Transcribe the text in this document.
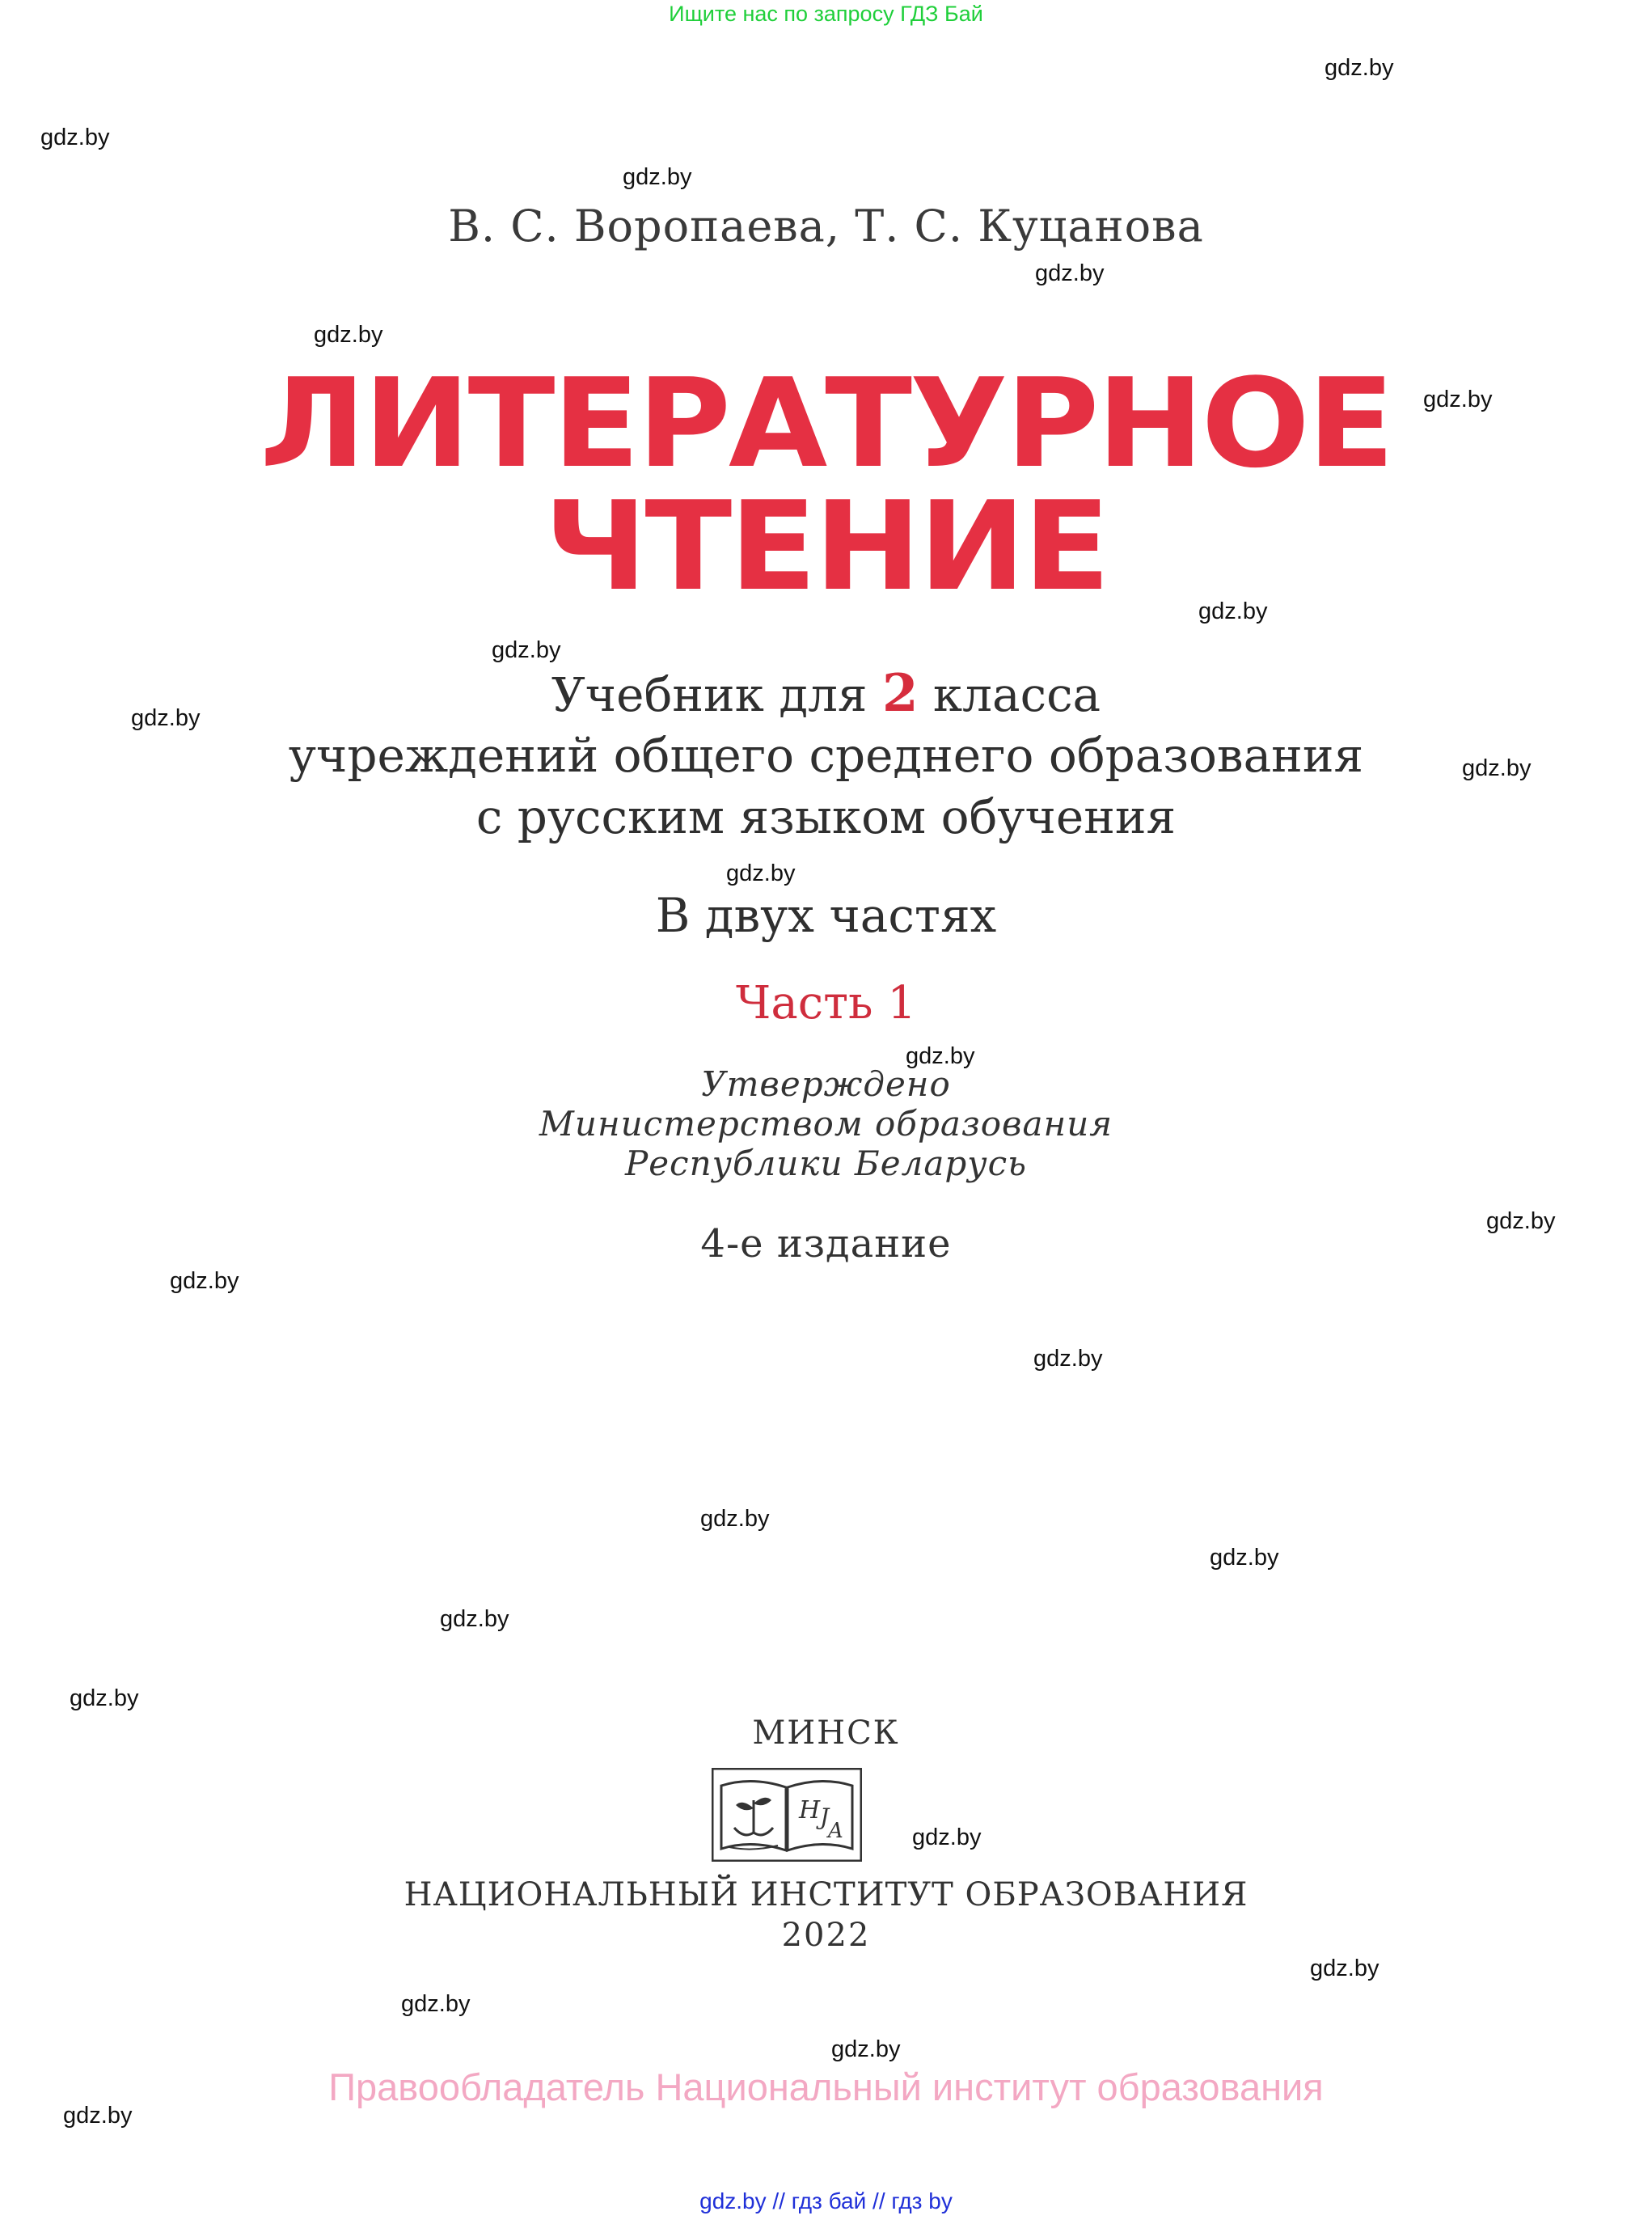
Ищите нас по запросу ГДЗ Бай
gdz.by
gdz.by
gdz.by
gdz.by
gdz.by
gdz.by
gdz.by
gdz.by
gdz.by
gdz.by
gdz.by
gdz.by
gdz.by
gdz.by
gdz.by
gdz.by
gdz.by
gdz.by
gdz.by
gdz.by
gdz.by
gdz.by
gdz.by
gdz.by
В. С. Воропаева, Т. С. Куцанова
ЛИТЕРАТУРНОЕ
ЧТЕНИЕ
Учебник для 2 класса
учреждений общего среднего образования
с русским языком обучения
В двух частях
Часть 1
Утверждено
Министерством образования
Республики Беларусь
4-е издание
МИНСК
H J
A
НАЦИОНАЛЬНЫЙ ИНСТИТУТ ОБРАЗОВАНИЯ
2022
Правообладатель Национальный институт образования
gdz.by // гдз бай // гдз by
